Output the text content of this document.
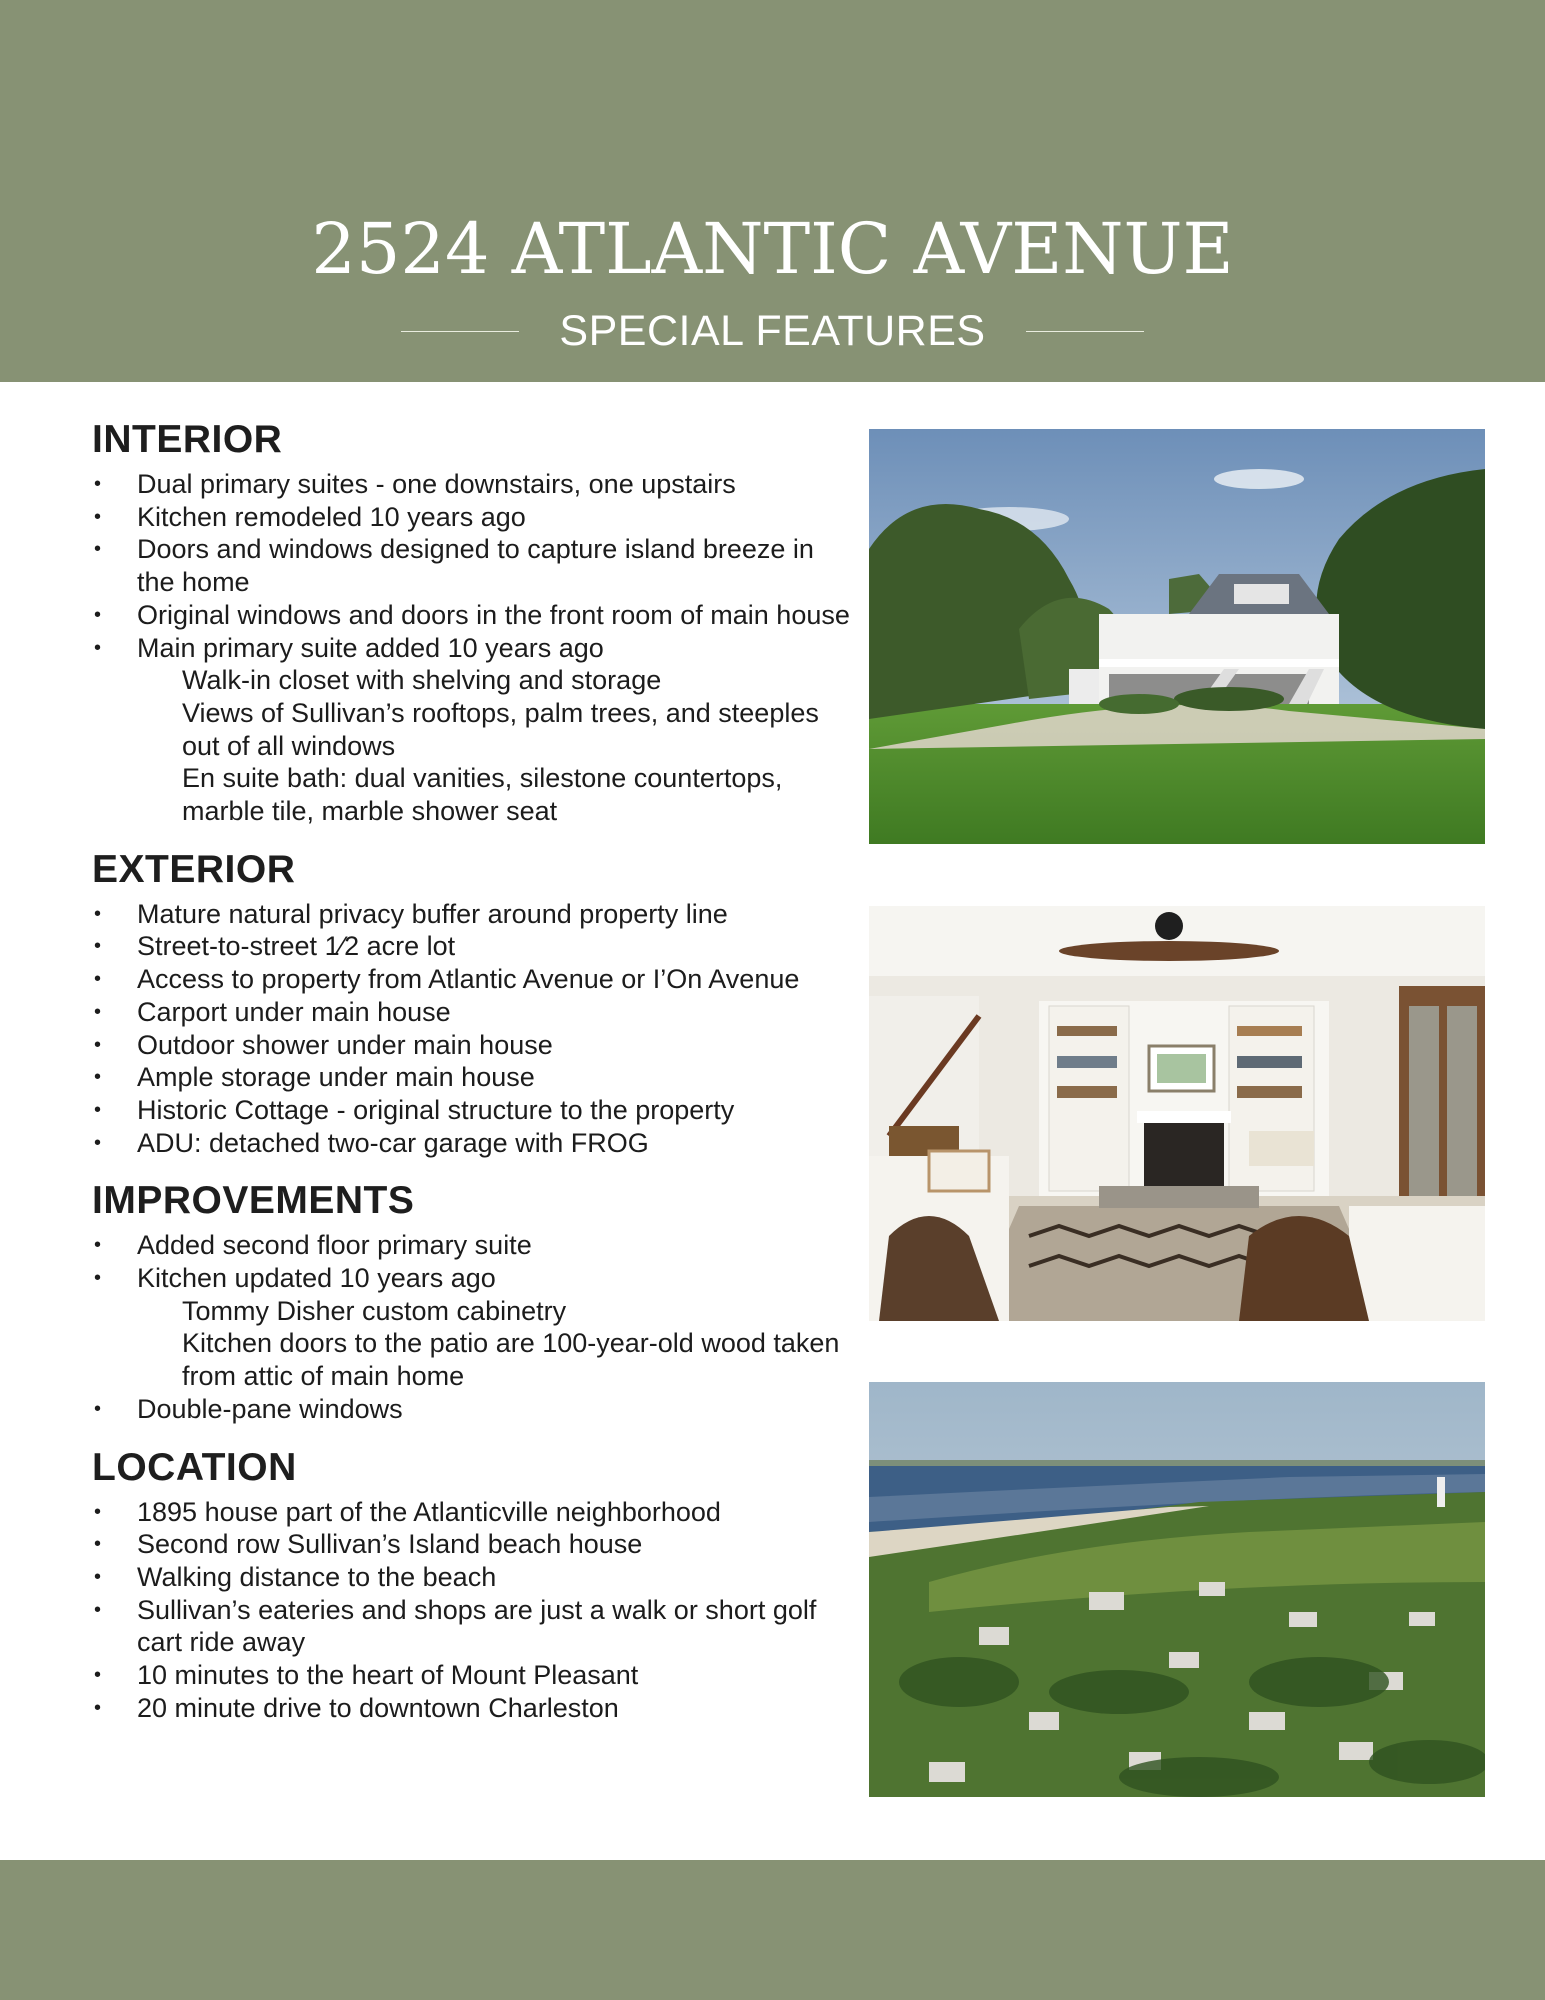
2524 ATLANTIC AVENUE
SPECIAL FEATURES
INTERIOR
• Dual primary suites - one downstairs, one upstairs
• Kitchen remodeled 10 years ago
• Doors and windows designed to capture island breeze in the home
• Original windows and doors in the front room of main house
• Main primary suite added 10 years ago
Walk-in closet with shelving and storage
Views of Sullivan’s rooftops, palm trees, and steeples out of all windows
En suite bath: dual vanities, silestone countertops, marble tile, marble shower seat
EXTERIOR
• Mature natural privacy buffer around property line
• Street-to-street 1⁄2 acre lot
• Access to property from Atlantic Avenue or I’On Avenue
• Carport under main house
• Outdoor shower under main house
• Ample storage under main house
• Historic Cottage - original structure to the property
• ADU: detached two-car garage with FROG
IMPROVEMENTS
• Added second floor primary suite
• Kitchen updated 10 years ago
Tommy Disher custom cabinetry
Kitchen doors to the patio are 100-year-old wood taken from attic of main home
• Double-pane windows
LOCATION
• 1895 house part of the Atlanticville neighborhood
• Second row Sullivan’s Island beach house
• Walking distance to the beach
• Sullivan’s eateries and shops are just a walk or short golf cart ride away
• 10 minutes to the heart of Mount Pleasant
• 20 minute drive to downtown Charleston
